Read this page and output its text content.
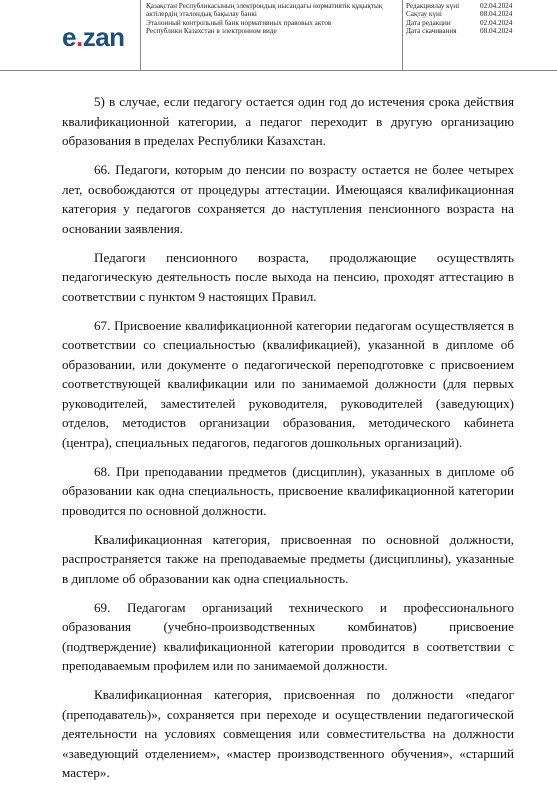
e.zan
Қазақстан Республикасының электрондық нысандағы нормативтік құқықтық
актілердің эталондық бақылау банкі
Эталонный контрольный банк нормативных правовых актов
Республики Казахстан в электронном виде
Редакциялау күні	02.04.2024
Сақтау күні	08.04.2024
Дата редакции	02.04.2024
Дата скачивания	08.04.2024

5) в случае, если педагогу остается один год до истечения срока действия квалификационной категории, а педагог переходит в другую организацию образования в пределах Республики Казахстан.

66. Педагоги, которым до пенсии по возрасту остается не более четырех лет, освобождаются от процедуры аттестации. Имеющаяся квалификационная категория у педагогов сохраняется до наступления пенсионного возраста на основании заявления.

Педагоги пенсионного возраста, продолжающие осуществлять педагогическую деятельность после выхода на пенсию, проходят аттестацию в соответствии с пунктом 9 настоящих Правил.

67. Присвоение квалификационной категории педагогам осуществляется в соответствии со специальностью (квалификацией), указанной в дипломе об образовании, или документе о педагогической переподготовке с присвоением соответствующей квалификации или по занимаемой должности (для первых руководителей, заместителей руководителя, руководителей (заведующих) отделов, методистов организации образования, методического кабинета (центра), специальных педагогов, педагогов дошкольных организаций).

68. При преподавании предметов (дисциплин), указанных в дипломе об образовании как одна специальность, присвоение квалификационной категории проводится по основной должности.

Квалификационная категория, присвоенная по основной должности, распространяется также на преподаваемые предметы (дисциплины), указанные в дипломе об образовании как одна специальность.

69. Педагогам организаций технического и профессионального образования (учебно-производственных комбинатов) присвоение (подтверждение) квалификационной категории проводится в соответствии с преподаваемым профилем или по занимаемой должности.

Квалификационная категория, присвоенная по должности «педагог (преподаватель)», сохраняется при переходе и осуществлении педагогической деятельности на условиях совмещения или совместительства на должности «заведующий отделением», «мастер производственного обучения», «старший мастер».
